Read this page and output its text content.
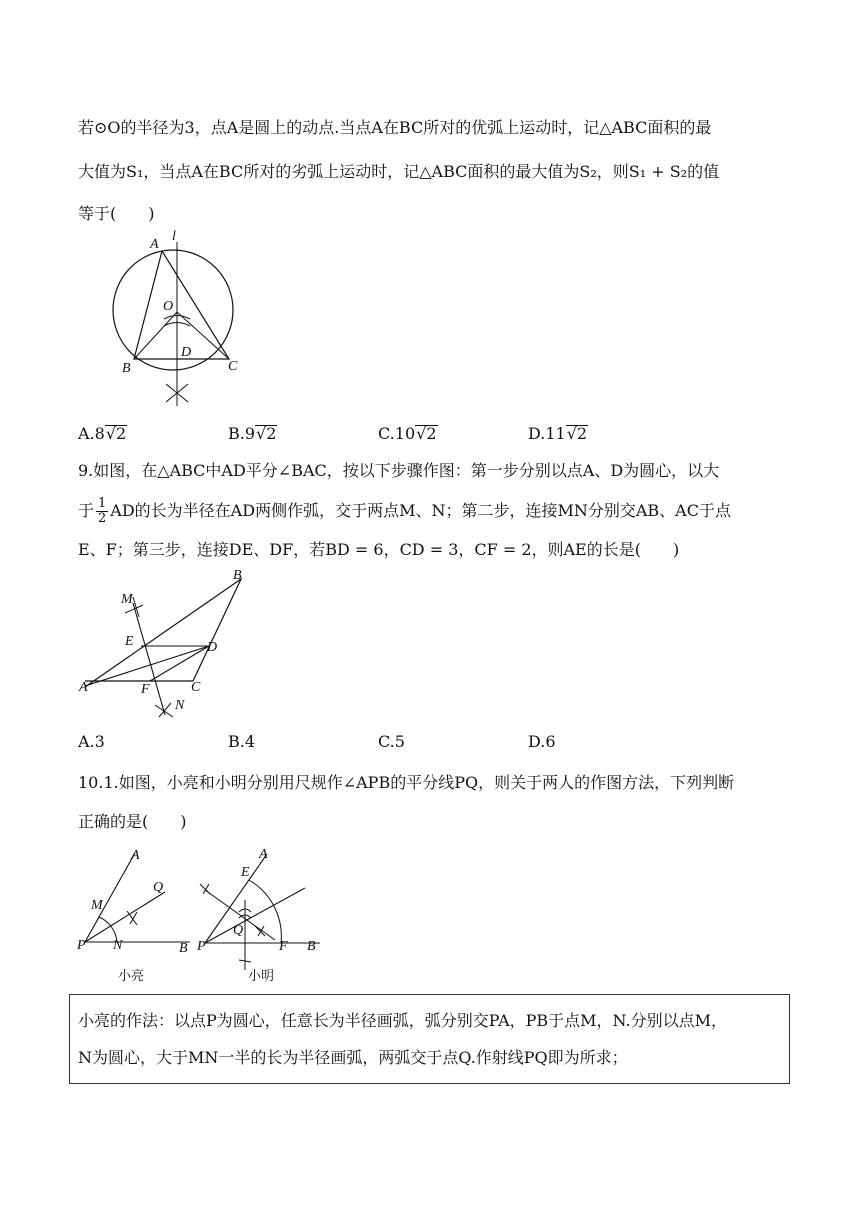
若⊙O的半径为3，点A是圆上的动点.当点A在BC所对的优弧上运动时，记△ABC面积的最
大值为S₁，当点A在BC所对的劣弧上运动时，记△ABC面积的最大值为S₂，则S₁ + S₂的值
等于(　　)
A
l
O
D
B	C
A.8√2	B.9√2	C.10√2	D.11√2
9.如图，在△ABC中AD平分∠BAC，按以下步骤作图：第一步分别以点A、D为圆心，以大
于 $\frac{1}{2}$ AD的长为半径在AD两侧作弧，交于两点M、N；第二步，连接MN分别交AB、AC于点
E、F；第三步，连接DE、DF，若BD = 6，CD = 3，CF = 2，则AE的长是(　　)
B
M
E	D
A	F	C
N
A.3	B.4	C.5	D.6
10.1.如图，小亮和小明分别用尺规作∠APB的平分线PQ，则关于两人的作图方法，下列判断
正确的是(　　)
A
M
Q
P N	B
小亮
A
E
Q
P	F B
小明
小亮的作法：以点P为圆心，任意长为半径画弧，弧分别交PA，PB于点M，N.分别以点M，
N为圆心，大于MN一半的长为半径画弧，两弧交于点Q.作射线PQ即为所求；
